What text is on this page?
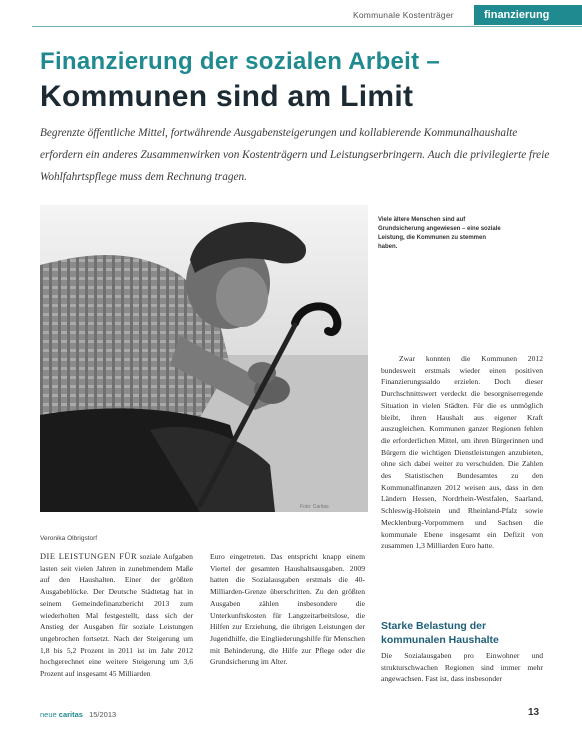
Kommunale Kostenträger	finanzierung
Finanzierung der sozialen Arbeit –
Kommunen sind am Limit
Begrenzte öffentliche Mittel, fortwährende Ausgabensteigerungen und kollabierende Kommunalhaushalte erfordern ein anderes Zusammenwirken von Kostenträgern und Leistungserbringern. Auch die privilegierte freie Wohlfahrtspflege muss dem Rechnung tragen.
Foto: Caritas
Viele ältere Menschen sind auf Grundsicherung angewiesen – eine soziale Leistung, die Kommunen zu stemmen haben.

Zwar konnten die Kommunen 2012 bundesweit erstmals wieder einen positiven Finanzierungssaldo erzielen. Doch dieser Durchschnittswert verdeckt die besorgniserregende Situation in vielen Städten. Für die es unmöglich bleibt, ihren Haushalt aus eigener Kraft auszugleichen. Kommunen ganzer Regionen fehlen die erforderlichen Mittel, um ihren Bürgerinnen und Bürgern die wichtigen Dienstleistungen anzubieten, ohne sich dabei weiter zu verschulden. Die Zahlen des Statistischen Bundesamtes zu den Kommunalfinanzen 2012 weisen aus, dass in den Ländern Hessen, Nordrhein-Westfalen, Saarland, Schleswig-Holstein und Rheinland-Pfalz sowie Mecklenburg-Vorpommern und Sachsen die kommunale Ebene insgesamt ein Defizit von zusammen 1,3 Milliarden Euro hatte.

Starke Belastung der kommunalen Haushalte
Die Sozialausgaben pro Einwohner und strukturschwachen Regionen sind immer mehr angewachsen. Fast ist, dass insbesonder
Veronika Olbrigstorf
DIE LEISTUNGEN FÜR soziale Aufgaben lasten seit vielen Jahren in zunehmendem Maße auf den Haushalten. Einer der größten Ausgabeblöcke. Der Deutsche Städtetag hat in seinem Gemeindefinanzbericht 2013 zum wiederholten Mal festgestellt, dass sich der Anstieg der Ausgaben für soziale Leistungen ungebrochen fortsetzt. Nach der Steigerung um 1,8 bis 5,2 Prozent in 2011 ist im Jahr 2012 hochgerechnet eine weitere Steigerung um 3,6 Prozent auf insgesamt 45 Milliarden
Euro eingetreten. Das entspricht knapp einem Viertel der gesamten Haushaltsausgaben. 2009 hatten die Sozialausgaben erstmals die 40-Milliarden-Grenze überschritten. Zu den größten Ausgaben zählen insbesondere die Unterkunftskosten für Langzeitarbeitslose, die Hilfen zur Erziehung, die übrigen Leistungen der Jugendhilfe, die Eingliederungshilfe für Menschen mit Behinderung, die Hilfe zur Pflege oder die Grundsicherung im Alter.
neue caritas 15/2013	13
